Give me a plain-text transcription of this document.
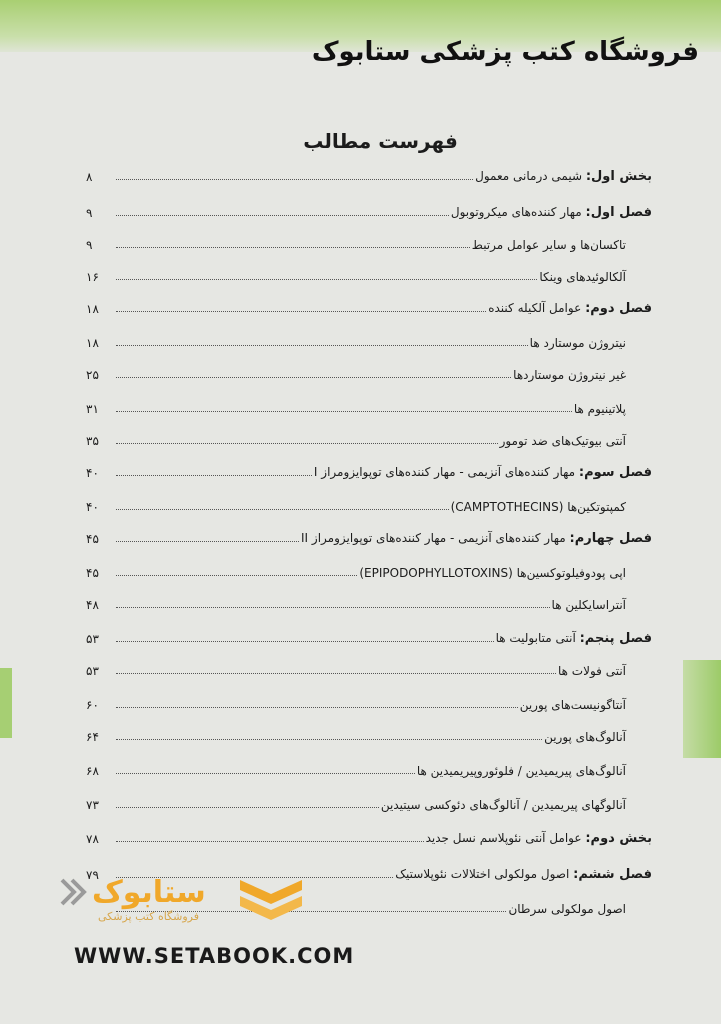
فروشگاه کتب پزشکی ستابوک
فهرست مطالب
بخش اول: شیمی درمانی معمول
۸
فصل اول: مهار کننده‌های میکروتوبول
۹
تاکسان‌ها و سایر عوامل مرتبط
۹
آلکالوئیدهای وینکا
۱۶
فصل دوم: عوامل آلکیله کننده
۱۸
نیتروژن موستارد ها
۱۸
غیر نیتروژن موستاردها
۲۵
پلاتینیوم ها
۳۱
آنتی بیوتیک‌های ضد تومور
۳۵
فصل سوم: مهار کننده‌های آنزیمی - مهار کننده‌های توپوایزومراز I
۴۰
کمپتوتکین‌ها (CAMPTOTHECINS)
۴۰
فصل چهارم: مهار کننده‌های آنزیمی - مهار کننده‌های توپوایزومراز II
۴۵
اپی پودوفیلوتوکسین‌ها (EPIPODOPHYLLOTOXINS)
۴۵
آنتراسایکلین ها
۴۸
فصل پنجم: آنتی متابولیت ها
۵۳
آنتی فولات ها
۵۳
آنتاگونیست‌های پورین
۶۰
آنالوگ‌های پورین
۶۴
آنالوگ‌های پیریمیدین / فلوئوروپیریمیدین ها
۶۸
آنالوگهای پیریمیدین / آنالوگ‌های دئوکسی سیتیدین
۷۳
بخش دوم: عوامل آنتی نئوپلاسم نسل جدید
۷۸
فصل ششم: اصول مولکولی اختلالات نئوپلاستیک
۷۹
اصول مولکولی سرطان
ستابوک
فروشگاه کتب پزشکی
WWW.SETABOOK.COM
